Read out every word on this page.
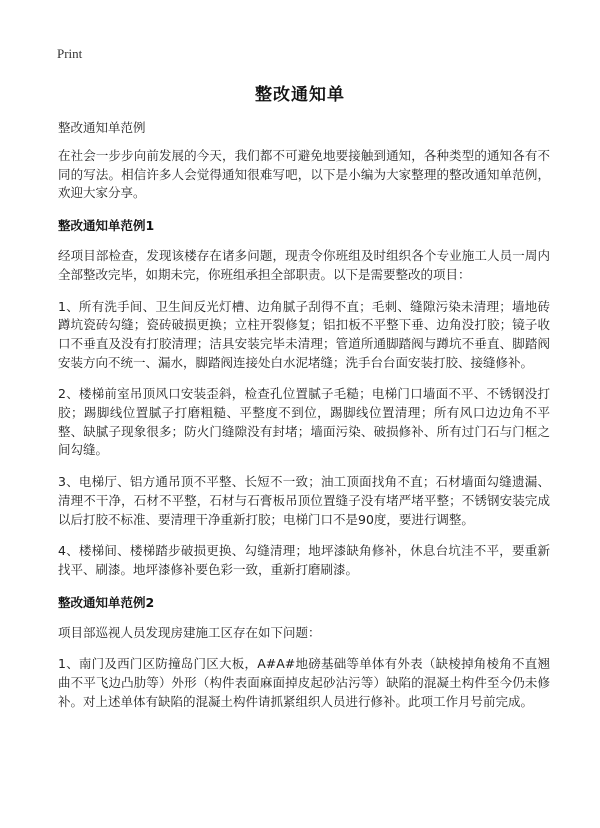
Print
整改通知单

整改通知单范例

在社会一步步向前发展的今天，我们都不可避免地要接触到通知，各种类型的通知各有不同的写法。相信许多人会觉得通知很难写吧，以下是小编为大家整理的整改通知单范例，欢迎大家分享。

整改通知单范例1

经项目部检查，发现该楼存在诸多问题，现责令你班组及时组织各个专业施工人员一周内全部整改完毕，如期未完，你班组承担全部职责。以下是需要整改的项目：

1、所有洗手间、卫生间反光灯槽、边角腻子刮得不直；毛刺、缝隙污染未清理；墙地砖蹲坑瓷砖勾缝；瓷砖破损更换；立柱开裂修复；铝扣板不平整下垂、边角没打胶；镜子收口不垂直及没有打胶清理；洁具安装完毕未清理；管道所通脚踏阀与蹲坑不垂直、脚踏阀安装方向不统一、漏水，脚踏阀连接处白水泥堵缝；洗手台台面安装打胶、接缝修补。

2、楼梯前室吊顶风口安装歪斜，检查孔位置腻子毛糙；电梯门口墙面不平、不锈钢没打胶；踢脚线位置腻子打磨粗糙、平整度不到位，踢脚线位置清理；所有风口边边角不平整、缺腻子现象很多；防火门缝隙没有封堵；墙面污染、破损修补、所有过门石与门框之间勾缝。

3、电梯厅、铝方通吊顶不平整、长短不一致；油工顶面找角不直；石材墙面勾缝遗漏、清理不干净，石材不平整，石材与石膏板吊顶位置缝子没有堵严堵平整；不锈钢安装完成以后打胶不标准、要清理干净重新打胶；电梯门口不是90度，要进行调整。

4、楼梯间、楼梯踏步破损更换、勾缝清理；地坪漆缺角修补，休息台坑洼不平，要重新找平、刷漆。地坪漆修补要色彩一致，重新打磨刷漆。

整改通知单范例2

项目部巡视人员发现房建施工区存在如下问题：

1、南门及西门区防撞岛门区大板，A#A#地磅基础等单体有外表（缺棱掉角棱角不直翘曲不平飞边凸肋等）外形（构件表面麻面掉皮起砂沾污等）缺陷的混凝土构件至今仍未修补。对上述单体有缺陷的混凝土构件请抓紧组织人员进行修补。此项工作月号前完成。
